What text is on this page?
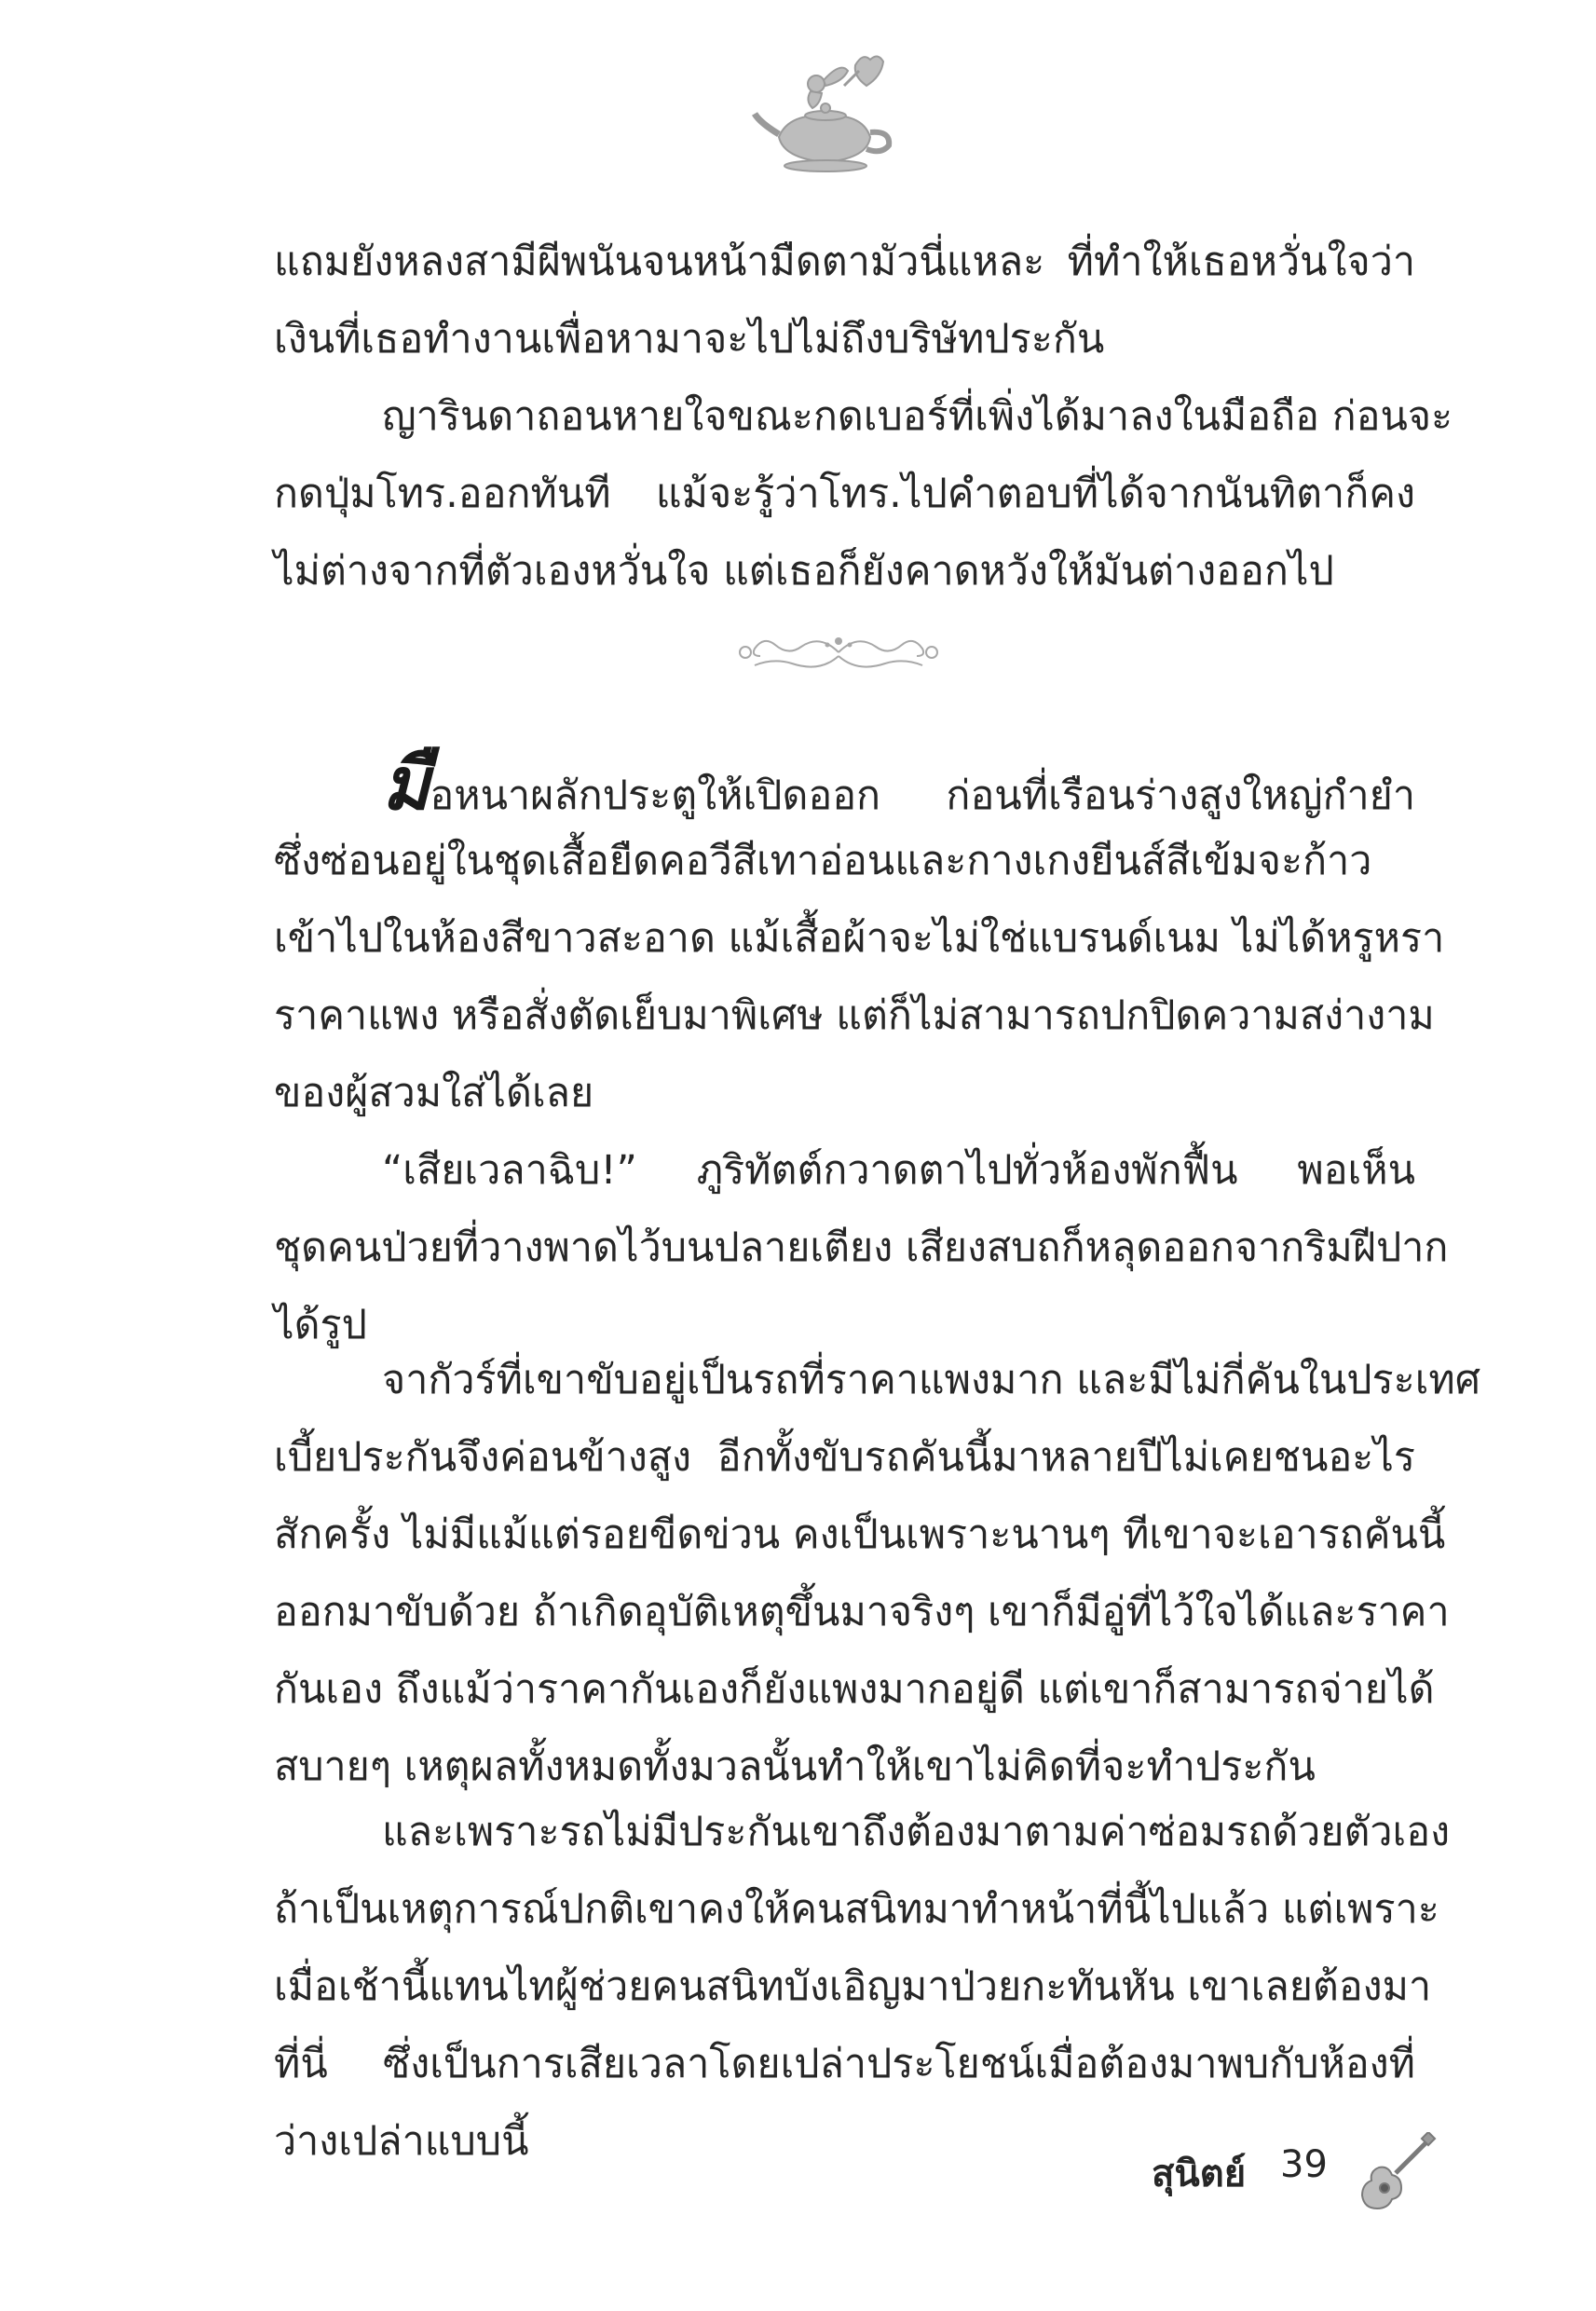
แถมยังหลงสามีผีพนันจนหน้ามืดตามัวนี่แหละ ที่ทำให้เธอหวั่นใจว่า
เงินที่เธอทำงานเพื่อหามาจะไปไม่ถึงบริษัทประกัน
ญารินดาถอนหายใจขณะกดเบอร์ที่เพิ่งได้มาลงในมือถือ ก่อนจะ
กดปุ่มโทร.ออกทันที แม้จะรู้ว่าโทร.ไปคำตอบที่ได้จากนันทิตาก็คง
ไม่ต่างจากที่ตัวเองหวั่นใจ แต่เธอก็ยังคาดหวังให้มันต่างออกไป
มือหนาผลักประตูให้เปิดออก ก่อนที่เรือนร่างสูงใหญ่กำยำ
ซึ่งซ่อนอยู่ในชุดเสื้อยืดคอวีสีเทาอ่อนและกางเกงยีนส์สีเข้มจะก้าว
เข้าไปในห้องสีขาวสะอาด แม้เสื้อผ้าจะไม่ใช่แบรนด์เนม ไม่ได้หรูหรา
ราคาแพง หรือสั่งตัดเย็บมาพิเศษ แต่ก็ไม่สามารถปกปิดความสง่างาม
ของผู้สวมใส่ได้เลย
“เสียเวลาฉิบ!” ภูริทัตต์กวาดตาไปทั่วห้องพักฟื้น พอเห็น
ชุดคนป่วยที่วางพาดไว้บนปลายเตียง เสียงสบถก็หลุดออกจากริมฝีปาก
ได้รูป
จากัวร์ที่เขาขับอยู่เป็นรถที่ราคาแพงมาก และมีไม่กี่คันในประเทศ
เบี้ยประกันจึงค่อนข้างสูง อีกทั้งขับรถคันนี้มาหลายปีไม่เคยชนอะไร
สักครั้ง ไม่มีแม้แต่รอยขีดข่วน คงเป็นเพราะนานๆ ทีเขาจะเอารถคันนี้
ออกมาขับด้วย ถ้าเกิดอุบัติเหตุขึ้นมาจริงๆ เขาก็มีอู่ที่ไว้ใจได้และราคา
กันเอง ถึงแม้ว่าราคากันเองก็ยังแพงมากอยู่ดี แต่เขาก็สามารถจ่ายได้
สบายๆ เหตุผลทั้งหมดทั้งมวลนั้นทำให้เขาไม่คิดที่จะทำประกัน
และเพราะรถไม่มีประกันเขาถึงต้องมาตามค่าซ่อมรถด้วยตัวเอง
ถ้าเป็นเหตุการณ์ปกติเขาคงให้คนสนิทมาทำหน้าที่นี้ไปแล้ว แต่เพราะ
เมื่อเช้านี้แทนไทผู้ช่วยคนสนิทบังเอิญมาป่วยกะทันหัน เขาเลยต้องมา
ที่นี่ ซึ่งเป็นการเสียเวลาโดยเปล่าประโยชน์เมื่อต้องมาพบกับห้องที่
ว่างเปล่าแบบนี้
สุนิตย์ 39
